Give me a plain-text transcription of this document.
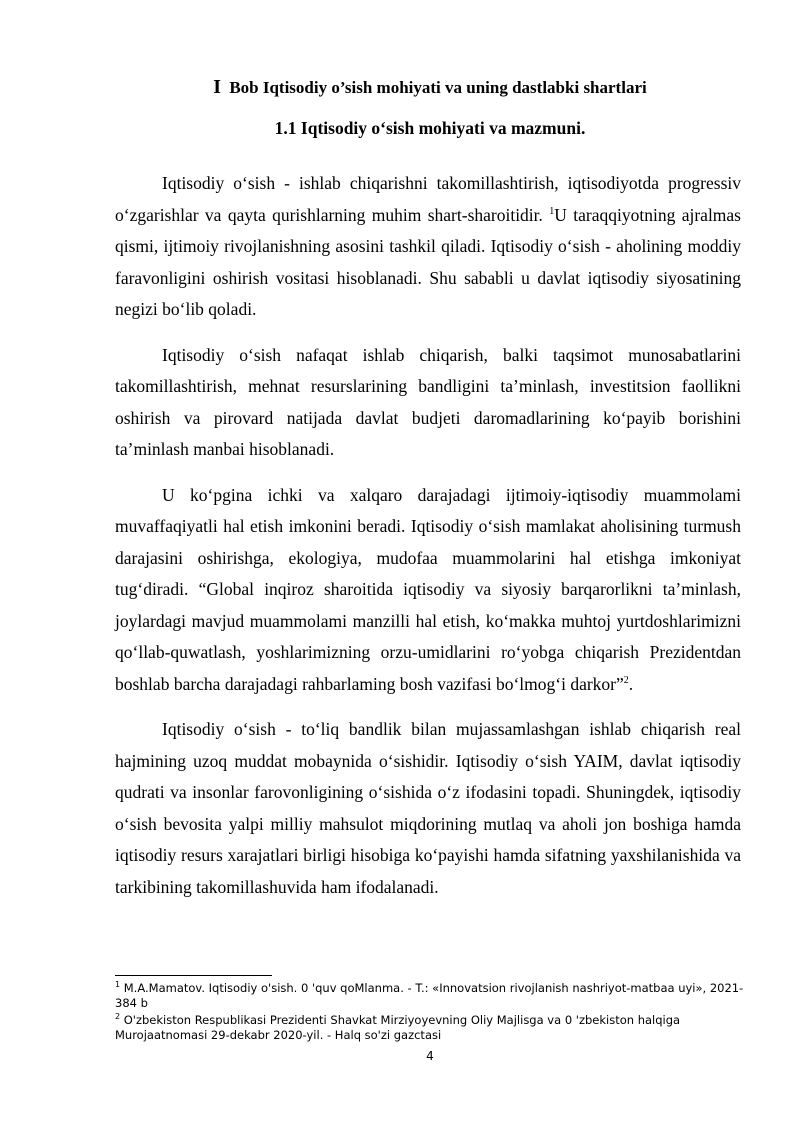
I Bob Iqtisodiy o’sish mohiyati va uning dastlabki shartlari
1.1 Iqtisodiy o‘sish mohiyati va mazmuni.

Iqtisodiy o‘sish - ishlab chiqarishni takomillashtirish, iqtisodiyotda progressiv o‘zgarishlar va qayta qurishlarning muhim shart-sharoitidir. $^1$U taraqqiyotning ajralmas qismi, ijtimoiy rivojlanishning asosini tashkil qiladi. Iqtisodiy o‘sish - aholining moddiy faravonligini oshirish vositasi hisoblanadi. Shu sababli u davlat iqtisodiy siyosatining negizi bo‘lib qoladi.

Iqtisodiy o‘sish nafaqat ishlab chiqarish, balki taqsimot munosabatlarini takomillashtirish, mehnat resurslarining bandligini ta’minlash, investitsion faollikni oshirish va pirovard natijada davlat budjeti daromadlarining ko‘payib borishini ta’minlash manbai hisoblanadi.

U ko‘pgina ichki va xalqaro darajadagi ijtimoiy-iqtisodiy muammolami muvaffaqiyatli hal etish imkonini beradi. Iqtisodiy o‘sish mamlakat aholisining turmush darajasini oshirishga, ekologiya, mudofaa muammolarini hal etishga imkoniyat tug‘diradi. “Global inqiroz sharoitida iqtisodiy va siyosiy barqarorlikni ta’minlash, joylardagi mavjud muammolami manzilli hal etish, ko‘makka muhtoj yurtdoshlarimizni qo‘llab-quwatlash, yoshlarimizning orzu-umidlarini ro‘yobga chiqarish Prezidentdan boshlab barcha darajadagi rahbarlaming bosh vazifasi bo‘lmog‘i darkor”$^2$.

Iqtisodiy o‘sish - to‘liq bandlik bilan mujassamlashgan ishlab chiqarish real hajmining uzoq muddat mobaynida o‘sishidir. Iqtisodiy o‘sish YAIM, davlat iqtisodiy qudrati va insonlar farovonligining o‘sishida o‘z ifodasini topadi. Shuningdek, iqtisodiy o‘sish bevosita yalpi milliy mahsulot miqdorining mutlaq va aholi jon boshiga hamda iqtisodiy resurs xarajatlari birligi hisobiga ko‘payishi hamda sifatning yaxshilanishida va tarkibining takomillashuvida ham ifodalanadi.

$^1$ M.A.Mamatov. Iqtisodiy o'sish. 0 'quv qoMlanma. - T.: «Innovatsion rivojlanish nashriyot-matbaa uyi», 2021-384 b

$^2$ O'zbekiston Respublikasi Prezidenti Shavkat Mirziyoyevning Oliy Majlisga va 0 'zbekiston halqiga Murojaatnomasi 29-dekabr 2020-yil. - Halq so'zi gazctasi

4
